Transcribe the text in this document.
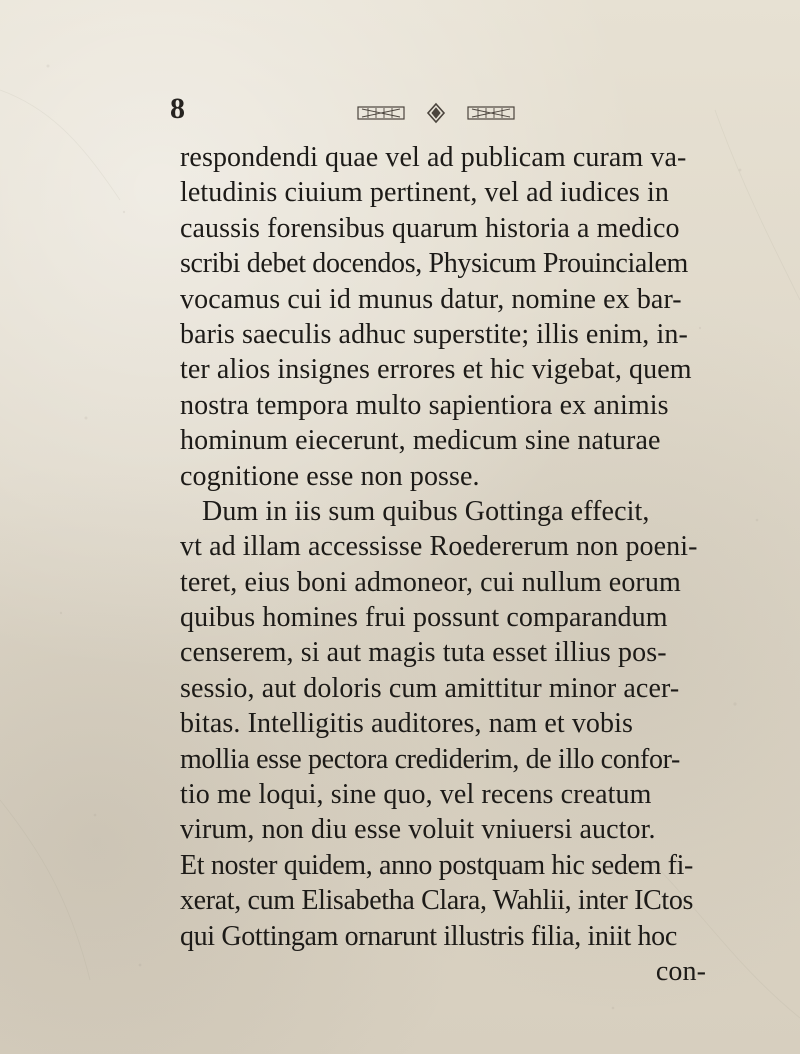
8
respondendi quae vel ad publicam curam va-
letudinis ciuium pertinent, vel ad iudices in
caussis forensibus quarum historia a medico
scribi debet docendos, Physicum Prouincialem
vocamus cui id munus datur, nomine ex bar-
baris saeculis adhuc superstite; illis enim, in-
ter alios insignes errores et hic vigebat, quem
nostra tempora multo sapientiora ex animis
hominum eiecerunt, medicum sine naturae
cognitione esse non posse.
Dum in iis sum quibus Gottinga effecit,
vt ad illam accessisse Roedererum non poeni-
teret, eius boni admoneor, cui nullum eorum
quibus homines frui possunt comparandum
censerem, si aut magis tuta esset illius pos-
sessio, aut doloris cum amittitur minor acer-
bitas. Intelligitis auditores, nam et vobis
mollia esse pectora crediderim, de illo confor-
tio me loqui, sine quo, vel recens creatum
virum, non diu esse voluit vniuersi auctor.
Et noster quidem, anno postquam hic sedem fi-
xerat, cum Elisabetha Clara, Wahlii, inter ICtos
qui Gottingam ornarunt illustris filia, iniit hoc
con-
